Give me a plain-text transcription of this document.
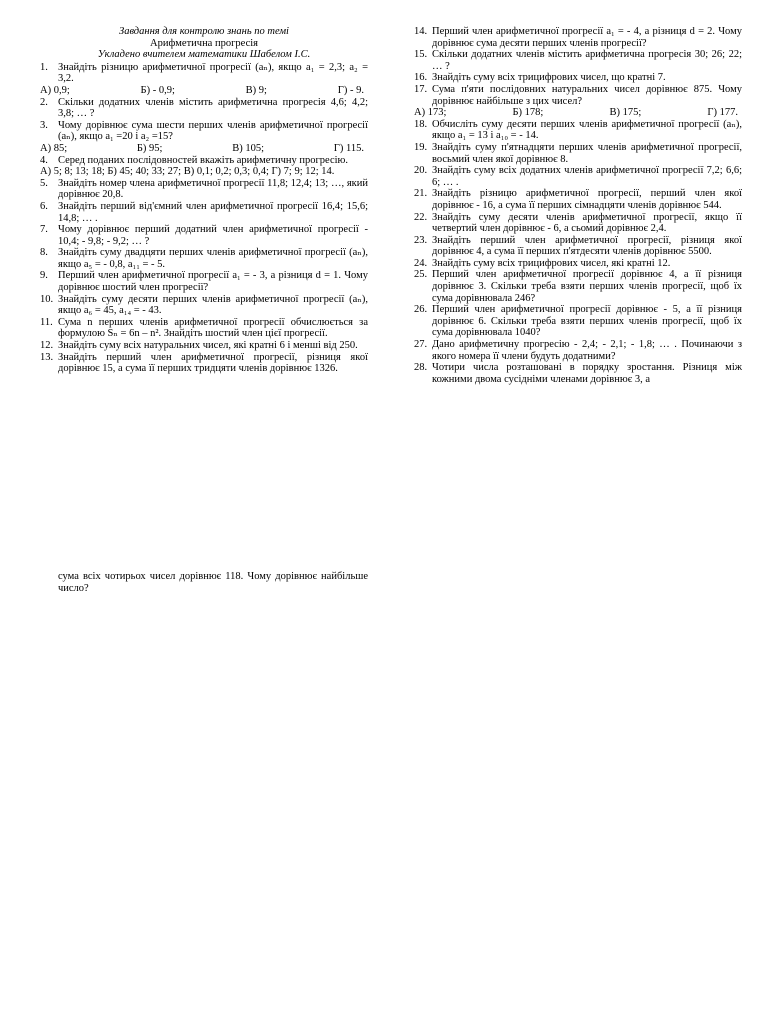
Завдання для контролю знань по темі
Арифметична прогресія
Укладено вчителем математики Шабелом І.С.
1. Знайдіть різницю арифметичної прогресії (aₙ), якщо a₁ = 2,3; a₂ = 3,2.
А) 0,9;	Б) - 0,9;	В) 9;	Г) - 9.
2. Скільки додатних членів містить арифметична прогресія 4,6; 4,2; 3,8; … ?
3. Чому дорівнює сума шести перших членів арифметичної прогресії (aₙ), якщо a₁ =20 і a₂ =15?
А) 85;	Б) 95;	В) 105;	Г) 115.
4. Серед поданих послідовностей вкажіть арифметичну прогресію.
А) 5; 8; 13; 18; Б) 45; 40; 33; 27; В) 0,1; 0,2; 0,3; 0,4; Г) 7; 9; 12; 14.
5. Знайдіть номер члена арифметичної прогресії 11,8; 12,4; 13; …, який дорівнює 20,8.
6. Знайдіть перший від'ємний член арифметичної прогресії 16,4; 15,6; 14,8; … .
7. Чому дорівнює перший додатний член арифметичної прогресії - 10,4; - 9,8; - 9,2; … ?
8. Знайдіть суму двадцяти перших членів арифметичної прогресії (aₙ), якщо a₅ = - 0,8, a₁₁ = - 5.
9. Перший член арифметичної прогресії a₁ = - 3, а різниця d = 1. Чому дорівнює шостий член прогресії?
10. Знайдіть суму десяти перших членів арифметичної прогресії (aₙ), якщо a₆ = 45, a₁₄ = - 43.
11. Сума n перших членів арифметичної прогресії обчислюється за формулою Sₙ = 6n – n². Знайдіть шостий член цієї прогресії.
12. Знайдіть суму всіх натуральних чисел, які кратні 6 і менші від 250.
13. Знайдіть перший член арифметичної прогресії, різниця якої дорівнює 15, а сума її перших тридцяти членів дорівнює 1326.
сума всіх чотирьох чисел дорівнює 118. Чому дорівнює найбільше число?
14. Перший член арифметичної прогресії a₁ = - 4, а різниця d = 2. Чому дорівнює сума десяти перших членів прогресії?
15. Скільки додатних членів містить арифметична прогресія 30; 26; 22; … ?
16. Знайдіть суму всіх трицифрових чисел, що кратні 7.
17. Сума п'яти послідовних натуральних чисел дорівнює 875. Чому дорівнює найбільше з цих чисел?
А) 173;	Б) 178;	В) 175;	Г) 177.
18. Обчисліть суму десяти перших членів арифметичної прогресії (aₙ), якщо a₁ = 13 і a₁₀ = - 14.
19. Знайдіть суму п'ятнадцяти перших членів арифметичної прогресії, восьмий член якої дорівнює 8.
20. Знайдіть суму всіх додатних членів арифметичної прогресії 7,2; 6,6; 6; … .
21. Знайдіть різницю арифметичної прогресії, перший член якої дорівнює - 16, а сума її перших сімнадцяти членів дорівнює 544.
22. Знайдіть суму десяти членів арифметичної прогресії, якщо її четвертий член дорівнює - 6, а сьомий дорівнює 2,4.
23. Знайдіть перший член арифметичної прогресії, різниця якої дорівнює 4, а сума її перших п'ятдесяти членів дорівнює 5500.
24. Знайдіть суму всіх трицифрових чисел, які кратні 12.
25. Перший член арифметичної прогресії дорівнює 4, а її різниця дорівнює 3. Скільки треба взяти перших членів прогресії, щоб їх сума дорівнювала 246?
26. Перший член арифметичної прогресії дорівнює - 5, а її різниця дорівнює 6. Скільки треба взяти перших членів прогресії, щоб їх сума дорівнювала 1040?
27. Дано арифметичну прогресію - 2,4; - 2,1; - 1,8; … . Починаючи з якого номера її члени будуть додатними?
28. Чотири числа розташовані в порядку зростання. Різниця між кожними двома сусідніми членами дорівнює 3, а
